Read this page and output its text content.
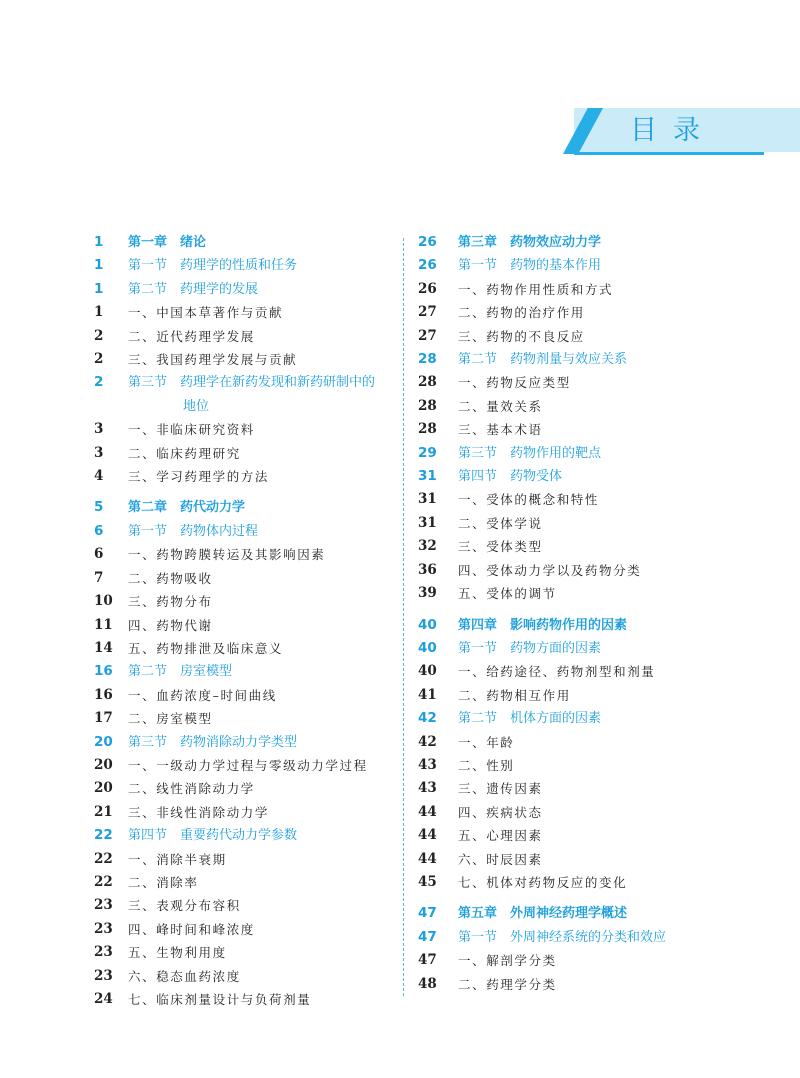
目录
1	第一章 绪论
1	第一节 药理学的性质和任务
1	第二节 药理学的发展
1	一、中国本草著作与贡献
2	二、近代药理学发展
2	三、我国药理学发展与贡献
2	第三节 药理学在新药发现和新药研制中的
地位
3	一、非临床研究资料
3	二、临床药理研究
4	三、学习药理学的方法
5	第二章 药代动力学
6	第一节 药物体内过程
6	一、药物跨膜转运及其影响因素
7	二、药物吸收
10	三、药物分布
11	四、药物代谢
14	五、药物排泄及临床意义
16	第二节 房室模型
16	一、血药浓度–时间曲线
17	二、房室模型
20	第三节 药物消除动力学类型
20	一、一级动力学过程与零级动力学过程
20	二、线性消除动力学
21	三、非线性消除动力学
22	第四节 重要药代动力学参数
22	一、消除半衰期
22	二、消除率
23	三、表观分布容积
23	四、峰时间和峰浓度
23	五、生物利用度
23	六、稳态血药浓度
24	七、临床剂量设计与负荷剂量
26	第三章 药物效应动力学
26	第一节 药物的基本作用
26	一、药物作用性质和方式
27	二、药物的治疗作用
27	三、药物的不良反应
28	第二节 药物剂量与效应关系
28	一、药物反应类型
28	二、量效关系
28	三、基本术语
29	第三节 药物作用的靶点
31	第四节 药物受体
31	一、受体的概念和特性
31	二、受体学说
32	三、受体类型
36	四、受体动力学以及药物分类
39	五、受体的调节
40	第四章 影响药物作用的因素
40	第一节 药物方面的因素
40	一、给药途径、药物剂型和剂量
41	二、药物相互作用
42	第二节 机体方面的因素
42	一、年龄
43	二、性别
43	三、遗传因素
44	四、疾病状态
44	五、心理因素
44	六、时辰因素
45	七、机体对药物反应的变化
47	第五章 外周神经药理学概述
47	第一节 外周神经系统的分类和效应
47	一、解剖学分类
48	二、药理学分类
